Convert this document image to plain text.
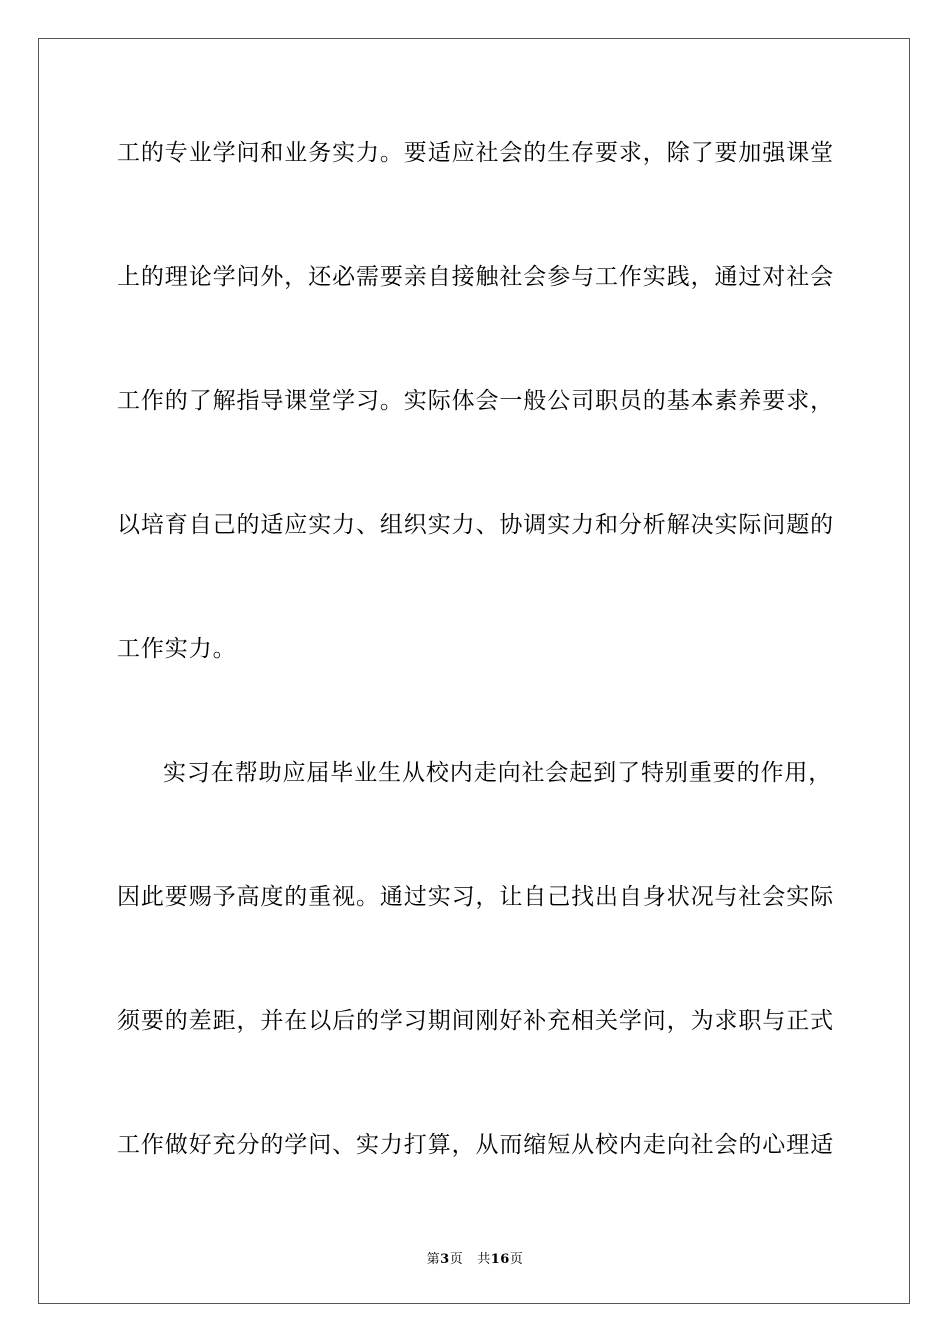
工的专业学问和业务实力。要适应社会的生存要求，除了要加强课堂
上的理论学问外，还必需要亲自接触社会参与工作实践，通过对社会
工作的了解指导课堂学习。实际体会一般公司职员的基本素养要求，
以培育自己的适应实力、组织实力、协调实力和分析解决实际问题的
工作实力。
实习在帮助应届毕业生从校内走向社会起到了特别重要的作用，
因此要赐予高度的重视。通过实习，让自己找出自身状况与社会实际
须要的差距，并在以后的学习期间刚好补充相关学问，为求职与正式
工作做好充分的学问、实力打算，从而缩短从校内走向社会的心理适
第3页 共16页
